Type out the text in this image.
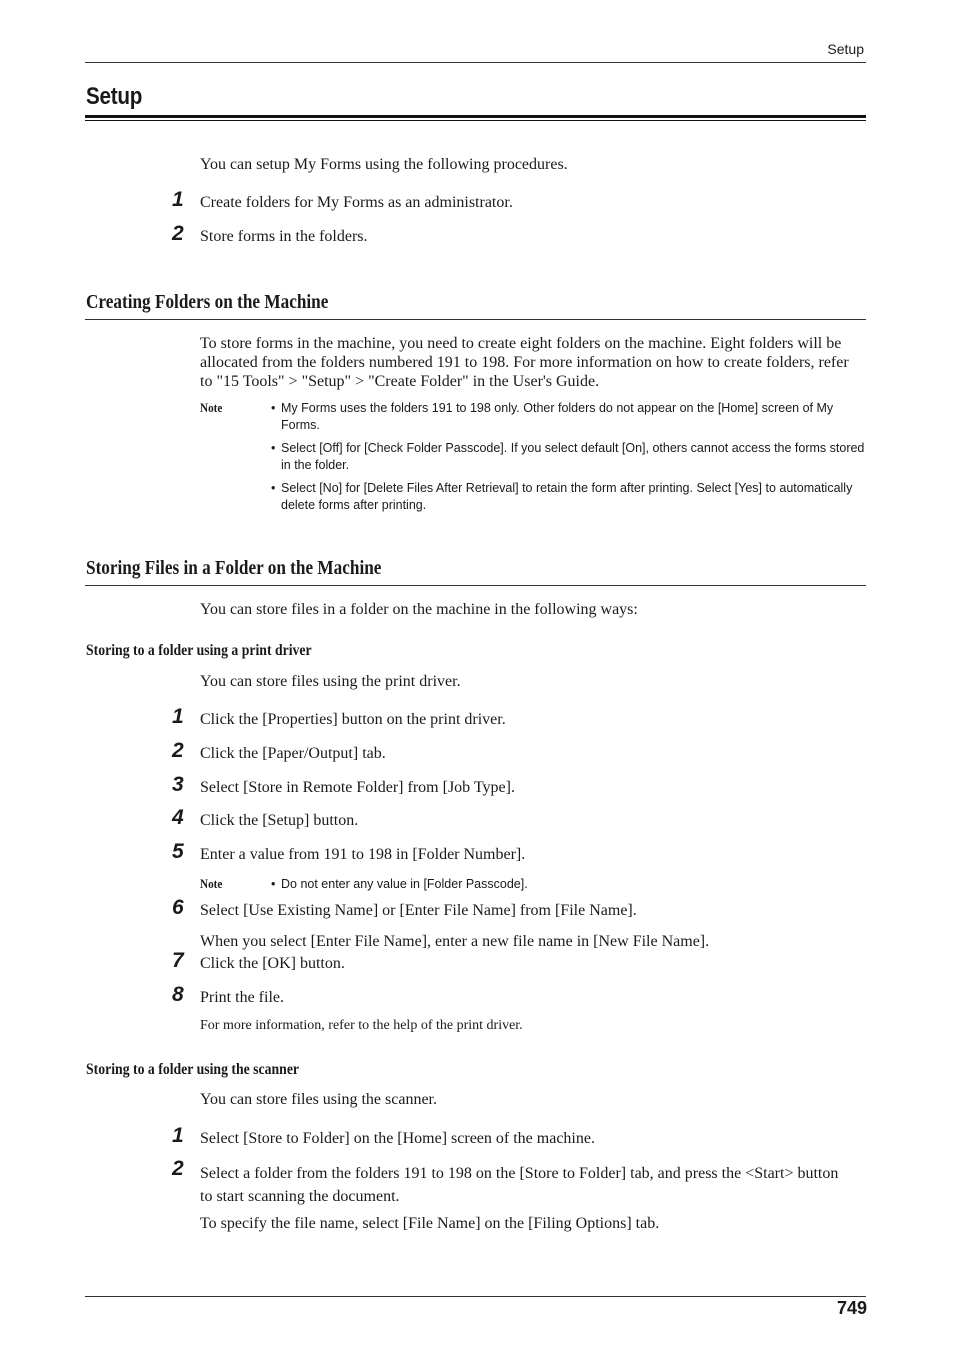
Setup
Setup
You can setup My Forms using the following procedures.
1 Create folders for My Forms as an administrator.
2 Store forms in the folders.
Creating Folders on the Machine
To store forms in the machine, you need to create eight folders on the machine. Eight folders will be allocated from the folders numbered 191 to 198. For more information on how to create folders, refer to "15 Tools" > "Setup" > "Create Folder" in the User's Guide.
Note	• My Forms uses the folders 191 to 198 only. Other folders do not appear on the [Home] screen of My Forms.
• Select [Off] for [Check Folder Passcode]. If you select default [On], others cannot access the forms stored in the folder.
• Select [No] for [Delete Files After Retrieval] to retain the form after printing. Select [Yes] to automatically delete forms after printing.
Storing Files in a Folder on the Machine
You can store files in a folder on the machine in the following ways:
Storing to a folder using a print driver
You can store files using the print driver.
1 Click the [Properties] button on the print driver.
2 Click the [Paper/Output] tab.
3 Select [Store in Remote Folder] from [Job Type].
4 Click the [Setup] button.
5 Enter a value from 191 to 198 in [Folder Number].
Note	• Do not enter any value in [Folder Passcode].
6 Select [Use Existing Name] or [Enter File Name] from [File Name].
When you select [Enter File Name], enter a new file name in [New File Name].
7 Click the [OK] button.
8 Print the file.
For more information, refer to the help of the print driver.
Storing to a folder using the scanner
You can store files using the scanner.
1 Select [Store to Folder] on the [Home] screen of the machine.
2 Select a folder from the folders 191 to 198 on the [Store to Folder] tab, and press the <Start> button to start scanning the document.
To specify the file name, select [File Name] on the [Filing Options] tab.
749
